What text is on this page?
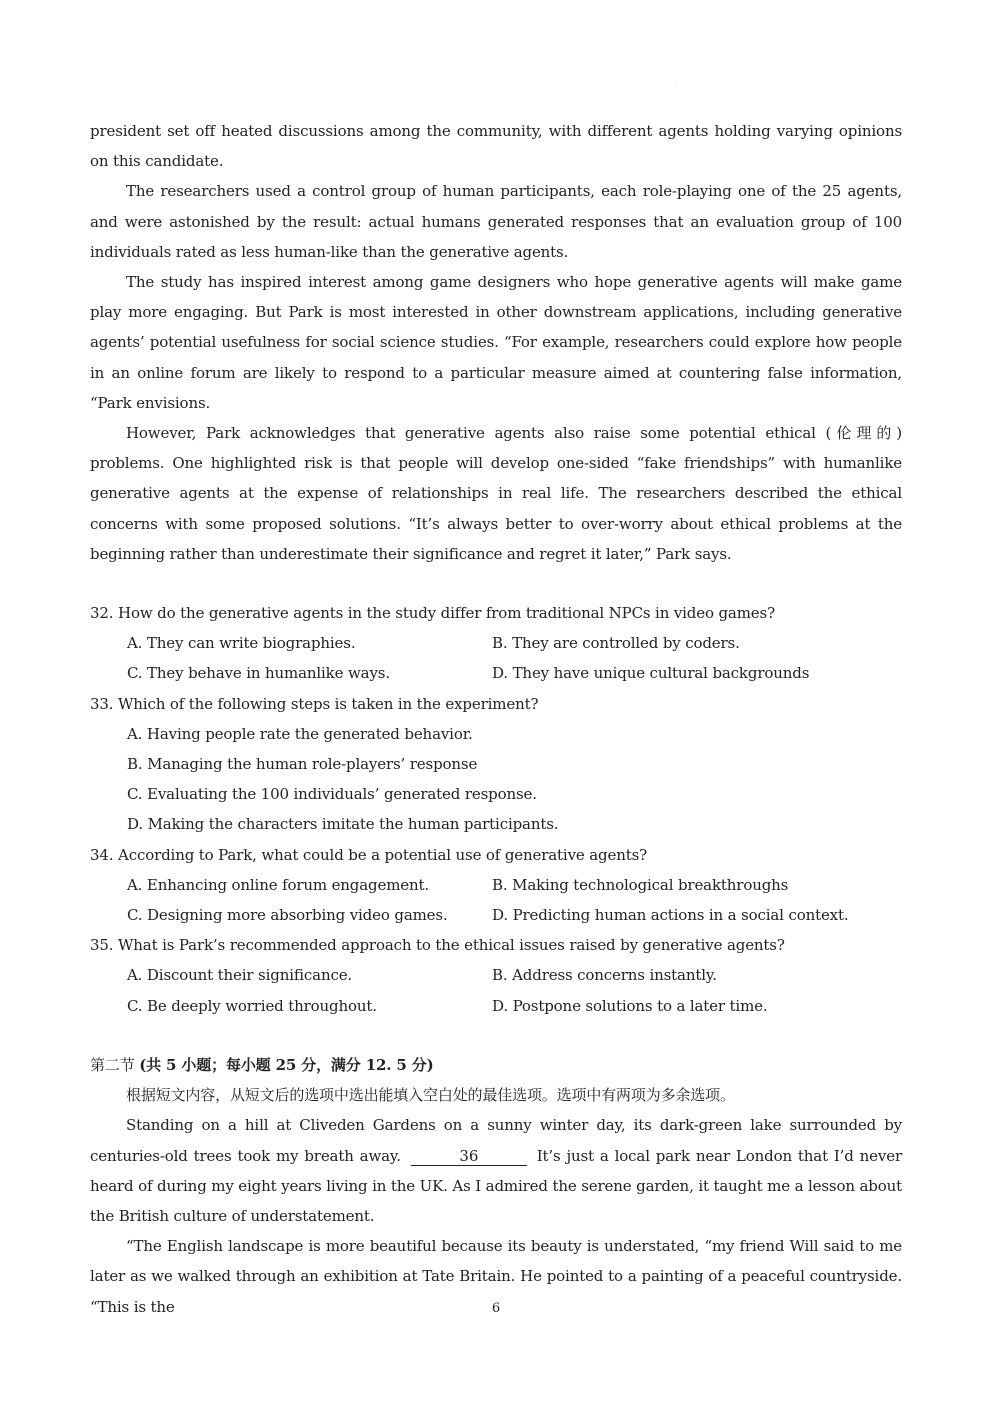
.

president set off heated discussions among the community, with different agents holding varying opinions on this candidate.

The researchers used a control group of human participants, each role-playing one of the 25 agents, and were astonished by the result: actual humans generated responses that an evaluation group of 100 individuals rated as less human-like than the generative agents.

The study has inspired interest among game designers who hope generative agents will make game play more engaging. But Park is most interested in other downstream applications, including generative agents’ potential usefulness for social science studies. “For example, researchers could explore how people in an online forum are likely to respond to a particular measure aimed at countering false information, “Park envisions.

However, Park acknowledges that generative agents also raise some potential ethical (伦理的) problems. One highlighted risk is that people will develop one-sided “fake friendships” with humanlike generative agents at the expense of relationships in real life. The researchers described the ethical concerns with some proposed solutions. “It’s always better to over-worry about ethical problems at the beginning rather than underestimate their significance and regret it later,” Park says.

32. How do the generative agents in the study differ from traditional NPCs in video games?

A. They can write biographies.	B. They are controlled by coders.
C. They behave in humanlike ways.	D. They have unique cultural backgrounds

33. Which of the following steps is taken in the experiment?

A. Having people rate the generated behavior.

B. Managing the human role-players’ response

C. Evaluating the 100 individuals’ generated response.

D. Making the characters imitate the human participants.

34. According to Park, what could be a potential use of generative agents?

A. Enhancing online forum engagement.	B. Making technological breakthroughs
C. Designing more absorbing video games.	D. Predicting human actions in a social context.

35. What is Park’s recommended approach to the ethical issues raised by generative agents?

A. Discount their significance.	B. Address concerns instantly.
C. Be deeply worried throughout.	D. Postpone solutions to a later time.

第二节 (共 5 小题；每小题 25 分，满分 12. 5 分)

根据短文内容，从短文后的选项中选出能填入空白处的最佳选项。选项中有两项为多余选项。

Standing on a hill at Cliveden Gardens on a sunny winter day, its dark-green lake surrounded by centuries-old trees took my breath away.	36	It’s just a local park near London that I’d never heard of during my eight years living in the UK. As I admired the serene garden, it taught me a lesson about the British culture of understatement.

“The English landscape is more beautiful because its beauty is understated, “my friend Will said to me later as we walked through an exhibition at Tate Britain. He pointed to a painting of a peaceful countryside. “This is the	6
